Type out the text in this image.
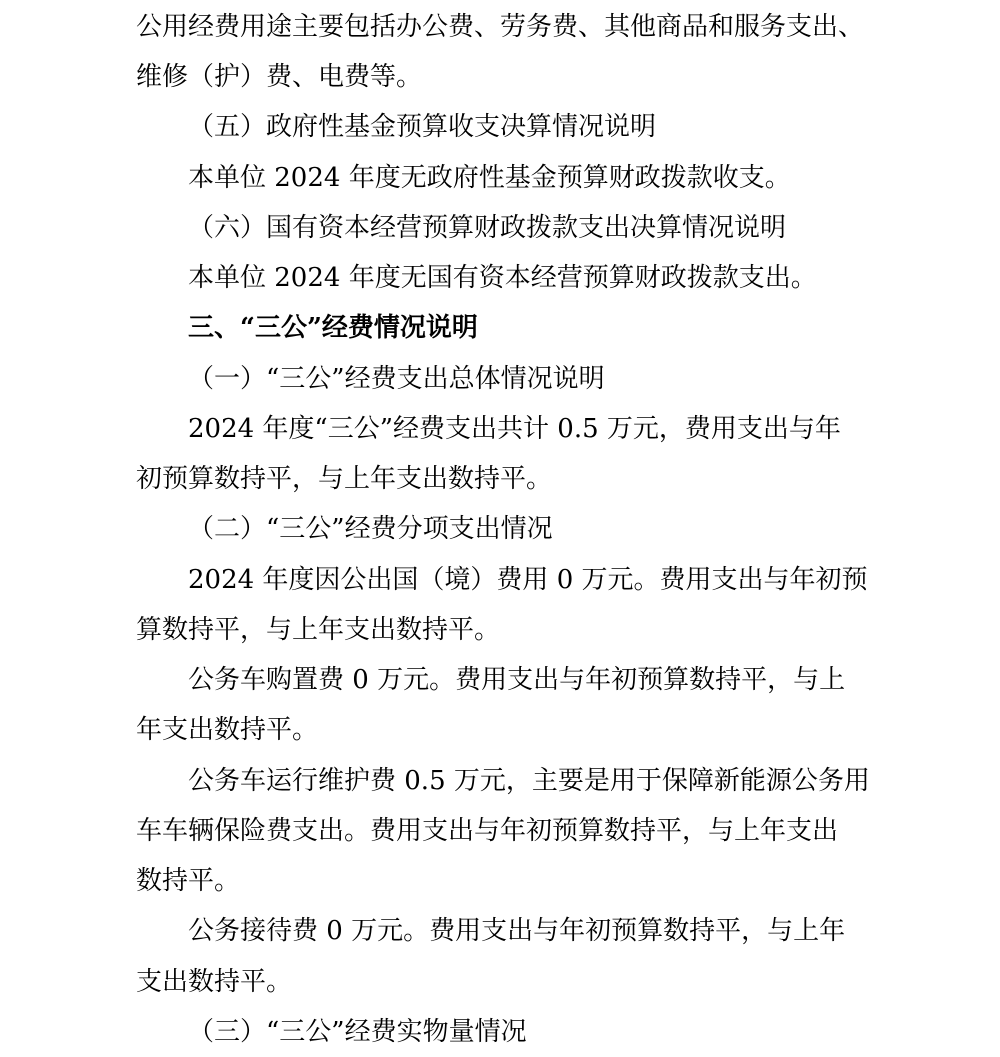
公用经费用途主要包括办公费、劳务费、其他商品和服务支出、
维修（护）费、电费等。
（五）政府性基金预算收支决算情况说明
本单位 2024 年度无政府性基金预算财政拨款收支。
（六）国有资本经营预算财政拨款支出决算情况说明
本单位 2024 年度无国有资本经营预算财政拨款支出。
三、“三公”经费情况说明
（一）“三公”经费支出总体情况说明
2024 年度“三公”经费支出共计 0.5 万元，费用支出与年
初预算数持平，与上年支出数持平。
（二）“三公”经费分项支出情况
2024 年度因公出国（境）费用 0 万元。费用支出与年初预
算数持平，与上年支出数持平。
公务车购置费 0 万元。费用支出与年初预算数持平，与上
年支出数持平。
公务车运行维护费 0.5 万元，主要是用于保障新能源公务用
车车辆保险费支出。费用支出与年初预算数持平，与上年支出
数持平。
公务接待费 0 万元。费用支出与年初预算数持平，与上年
支出数持平。
（三）“三公”经费实物量情况
